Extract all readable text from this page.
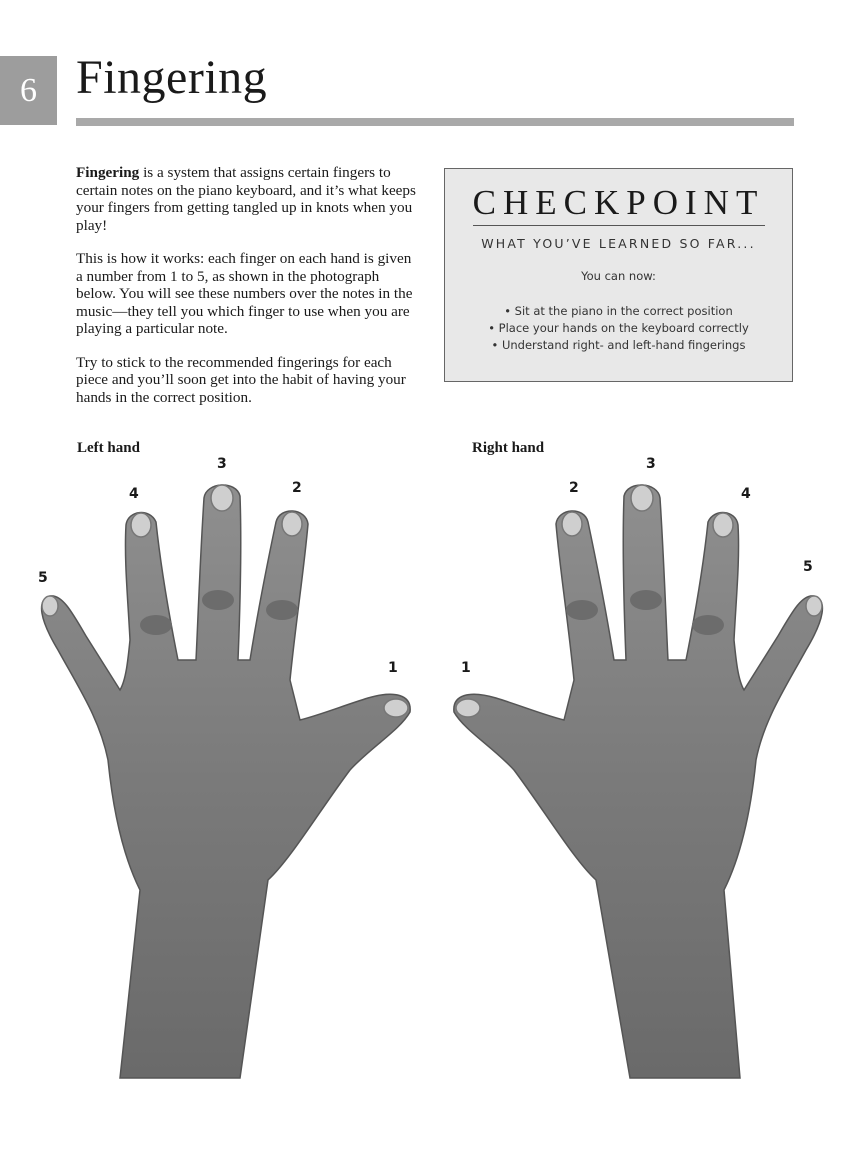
6 Fingering

Fingering is a system that assigns certain fingers to certain notes on the piano keyboard, and it’s what keeps your fingers from getting tangled up in knots when you play!

This is how it works: each finger on each hand is given a number from 1 to 5, as shown in the photograph below. You will see these numbers over the notes in the music—they tell you which finger to use when you are playing a particular note.

Try to stick to the recommended fingerings for each piece and you’ll soon get into the habit of having your hands in the correct position.

CHECKPOINT
WHAT YOU’VE LEARNED SO FAR...
You can now:
• Sit at the piano in the correct position
• Place your hands on the keyboard correctly
• Understand right- and left-hand fingerings
Left hand	Right hand
5
4
3
2
1	1
2
3
4
5
